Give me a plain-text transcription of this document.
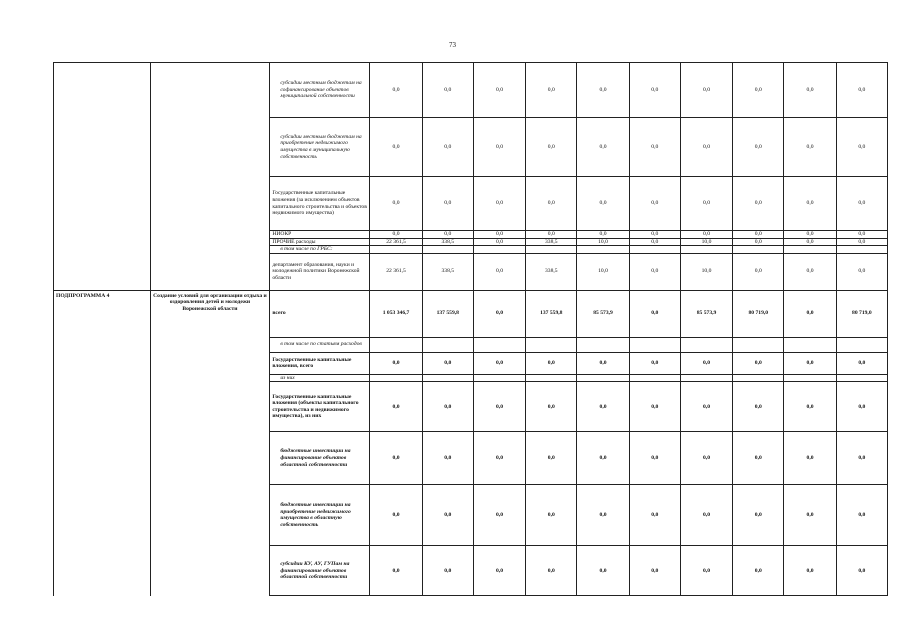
73
		субсидии местным бюджетам на софинансирование объектов муниципальной собственности	0,0	0,0	0,0	0,0	0,0	0,0	0,0	0,0	0,0	0,0
		субсидии местным бюджетам на приобретение недвижимого имущества в муниципальную собственность	0,0	0,0	0,0	0,0	0,0	0,0	0,0	0,0	0,0	0,0
		Государственные капитальные вложения (за исключением объектов капитального строительства и объектов недвижимого имущества)	0,0	0,0	0,0	0,0	0,0	0,0	0,0	0,0	0,0	0,0
		НИОКР	0,0	0,0	0,0	0,0	0,0	0,0	0,0	0,0	0,0	0,0
		ПРОЧИЕ расходы	22 361,5	338,5	0,0	338,5	10,0	0,0	10,0	0,0	0,0	0,0
		в том числе по ГРБС:										
		департамент образования, науки и молодежной политики Воронежской области	22 361,5	338,5	0,0	338,5	10,0	0,0	10,0	0,0	0,0	0,0
ПОДПРОГРАММА 4	Создание условий для организации отдыха и оздоровления детей и молодежи Воронежской области	всего	1 053 346,7	137 559,8	0,0	137 559,8	85 573,9	0,0	85 573,9	80 719,0	0,0	80 719,0
		в том числе по статьям расходов										
		Государственные капитальные вложения, всего	0,0	0,0	0,0	0,0	0,0	0,0	0,0	0,0	0,0	0,0
		из них										
		Государственные капитальные вложения (объекты капитального строительства и недвижимого имущества), из них	0,0	0,0	0,0	0,0	0,0	0,0	0,0	0,0	0,0	0,0
		бюджетные инвестиции на финансирование объектов областной собственности	0,0	0,0	0,0	0,0	0,0	0,0	0,0	0,0	0,0	0,0
		бюджетные инвестиции на приобретение недвижимого имущества в областную собственность	0,0	0,0	0,0	0,0	0,0	0,0	0,0	0,0	0,0	0,0
		субсидии КУ, АУ, ГУПам на финансирование объектов областной собственности	0,0	0,0	0,0	0,0	0,0	0,0	0,0	0,0	0,0	0,0
